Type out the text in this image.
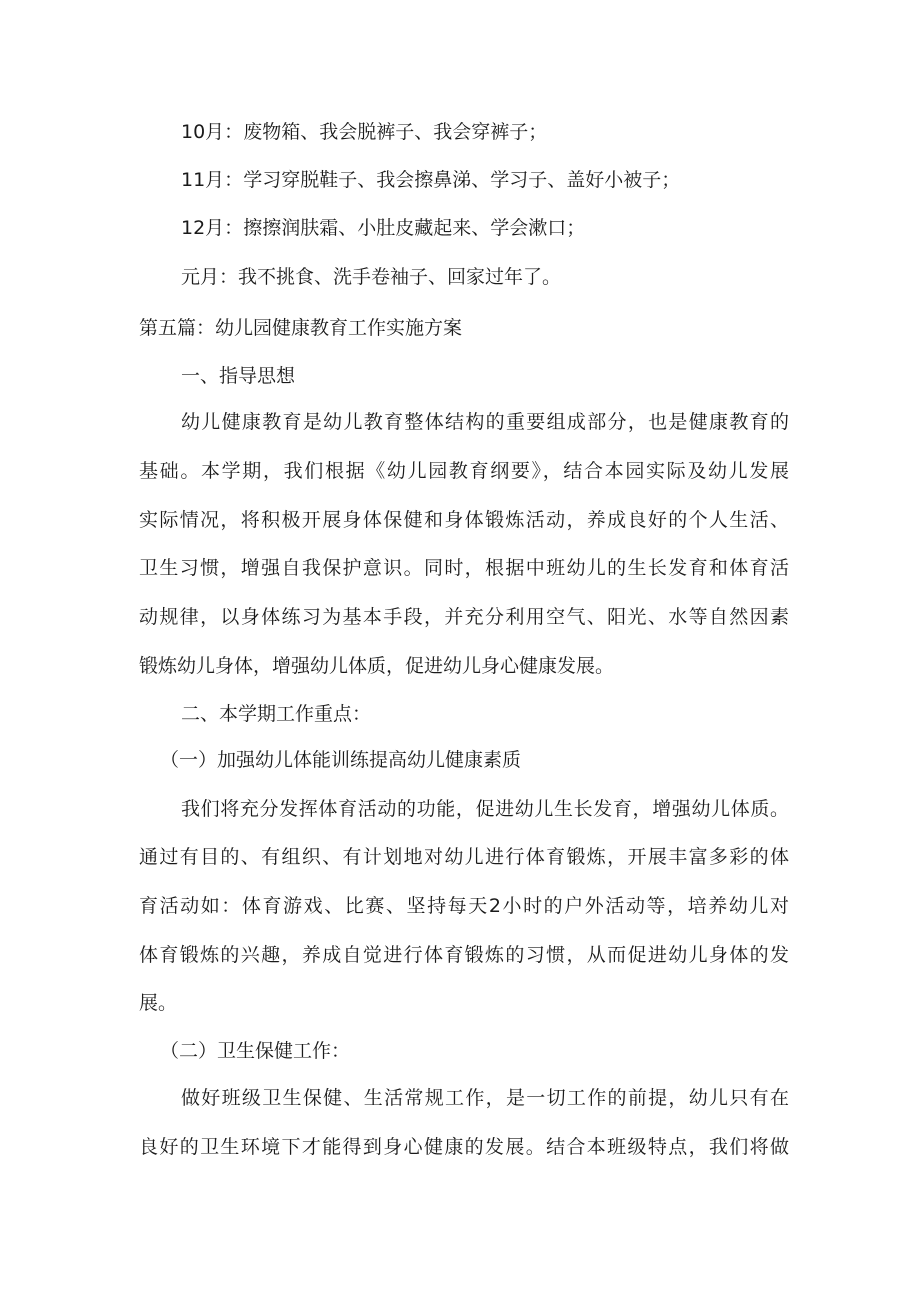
10月：废物箱、我会脱裤子、我会穿裤子；
11月：学习穿脱鞋子、我会擦鼻涕、学习子、盖好小被子；
12月：擦擦润肤霜、小肚皮藏起来、学会漱口；
元月：我不挑食、洗手卷袖子、回家过年了。
第五篇：幼儿园健康教育工作实施方案
一、指导思想
幼儿健康教育是幼儿教育整体结构的重要组成部分，也是健康教育的
基础。本学期，我们根据《幼儿园教育纲要》，结合本园实际及幼儿发展
实际情况，将积极开展身体保健和身体锻炼活动，养成良好的个人生活、
卫生习惯，增强自我保护意识。同时，根据中班幼儿的生长发育和体育活
动规律，以身体练习为基本手段，并充分利用空气、阳光、水等自然因素
锻炼幼儿身体，增强幼儿体质，促进幼儿身心健康发展。
二、本学期工作重点：
（一）加强幼儿体能训练提高幼儿健康素质
我们将充分发挥体育活动的功能，促进幼儿生长发育，增强幼儿体质。
通过有目的、有组织、有计划地对幼儿进行体育锻炼，开展丰富多彩的体
育活动如：体育游戏、比赛、坚持每天2小时的户外活动等，培养幼儿对
体育锻炼的兴趣，养成自觉进行体育锻炼的习惯，从而促进幼儿身体的发
展。
（二）卫生保健工作：
做好班级卫生保健、生活常规工作，是一切工作的前提，幼儿只有在
良好的卫生环境下才能得到身心健康的发展。结合本班级特点，我们将做
